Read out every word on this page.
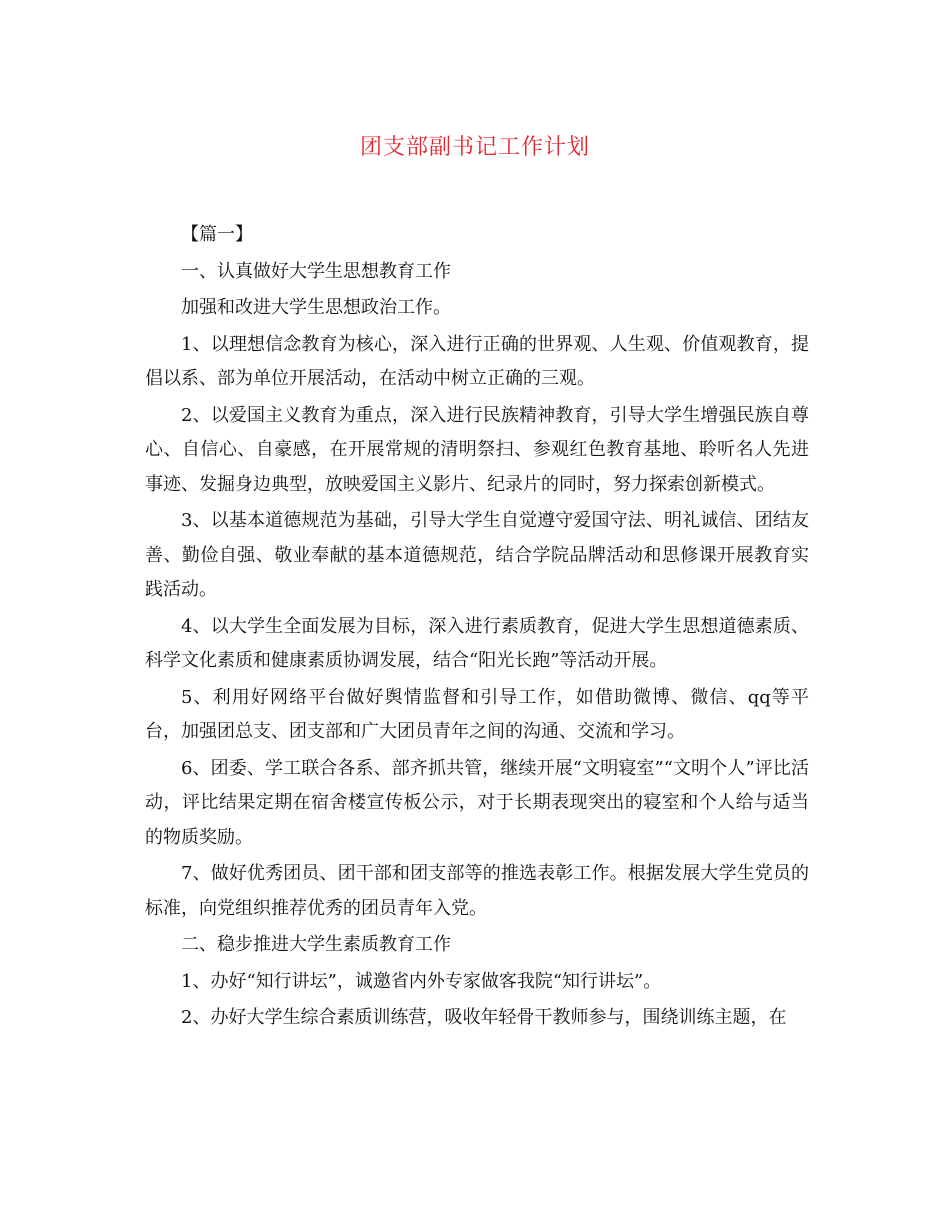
团支部副书记工作计划

【篇一】

一、认真做好大学生思想教育工作

加强和改进大学生思想政治工作。

1、以理想信念教育为核心，深入进行正确的世界观、人生观、价值观教育，提倡以系、部为单位开展活动，在活动中树立正确的三观。

2、以爱国主义教育为重点，深入进行民族精神教育，引导大学生增强民族自尊心、自信心、自豪感，在开展常规的清明祭扫、参观红色教育基地、聆听名人先进事迹、发掘身边典型，放映爱国主义影片、纪录片的同时，努力探索创新模式。

3、以基本道德规范为基础，引导大学生自觉遵守爱国守法、明礼诚信、团结友善、勤俭自强、敬业奉献的基本道德规范，结合学院品牌活动和思修课开展教育实践活动。

4、以大学生全面发展为目标，深入进行素质教育，促进大学生思想道德素质、科学文化素质和健康素质协调发展，结合“阳光长跑”等活动开展。

5、利用好网络平台做好舆情监督和引导工作，如借助微博、微信、qq等平台，加强团总支、团支部和广大团员青年之间的沟通、交流和学习。

6、团委、学工联合各系、部齐抓共管，继续开展“文明寝室”“文明个人”评比活动，评比结果定期在宿舍楼宣传板公示，对于长期表现突出的寝室和个人给与适当的物质奖励。

7、做好优秀团员、团干部和团支部等的推选表彰工作。根据发展大学生党员的标准，向党组织推荐优秀的团员青年入党。

二、稳步推进大学生素质教育工作

1、办好“知行讲坛”，诚邀省内外专家做客我院“知行讲坛”。

2、办好大学生综合素质训练营，吸收年轻骨干教师参与，围绕训练主题，在
